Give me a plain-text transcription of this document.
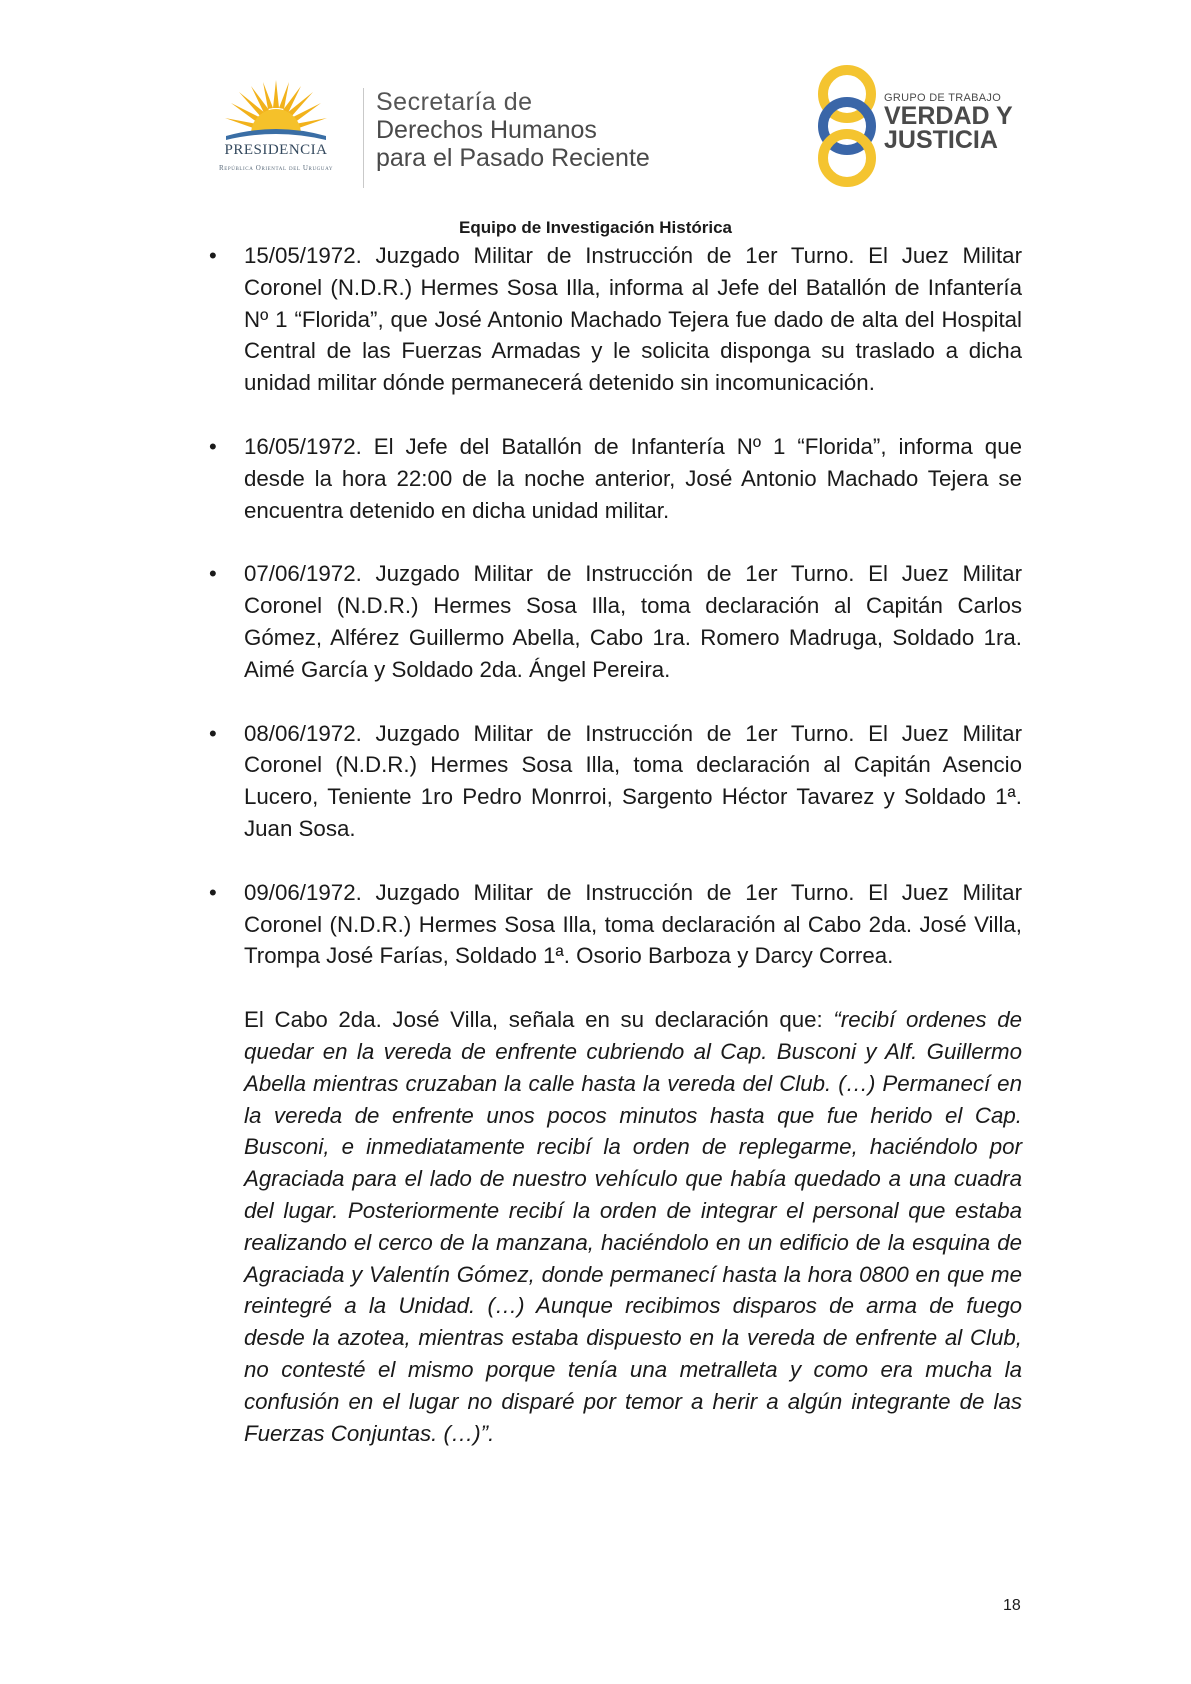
PRESIDENCIA
República Oriental del Uruguay
Secretaría de
Derechos Humanos
para el Pasado Reciente
GRUPO DE TRABAJO
VERDAD Y
JUSTICIA
Equipo de Investigación Histórica
• 15/05/1972. Juzgado Militar de Instrucción de 1er Turno. El Juez Militar Coronel (N.D.R.) Hermes Sosa Illa, informa al Jefe del Batallón de Infantería Nº 1 “Florida”, que José Antonio Machado Tejera fue dado de alta del Hospital Central de las Fuerzas Armadas y le solicita disponga su traslado a dicha unidad militar dónde permanecerá detenido sin incomunicación.

• 16/05/1972. El Jefe del Batallón de Infantería Nº 1 “Florida”, informa que desde la hora 22:00 de la noche anterior, José Antonio Machado Tejera se encuentra detenido en dicha unidad militar.

• 07/06/1972. Juzgado Militar de Instrucción de 1er Turno. El Juez Militar Coronel (N.D.R.) Hermes Sosa Illa, toma declaración al Capitán Carlos Gómez, Alférez Guillermo Abella, Cabo 1ra. Romero Madruga, Soldado 1ra. Aimé García y Soldado 2da. Ángel Pereira.

• 08/06/1972. Juzgado Militar de Instrucción de 1er Turno. El Juez Militar Coronel (N.D.R.) Hermes Sosa Illa, toma declaración al Capitán Asencio Lucero, Teniente 1ro Pedro Monrroi, Sargento Héctor Tavarez y Soldado 1ª. Juan Sosa.

• 09/06/1972. Juzgado Militar de Instrucción de 1er Turno. El Juez Militar Coronel (N.D.R.) Hermes Sosa Illa, toma declaración al Cabo 2da. José Villa, Trompa José Farías, Soldado 1ª. Osorio Barboza y Darcy Correa.

El Cabo 2da. José Villa, señala en su declaración que: “recibí ordenes de quedar en la vereda de enfrente cubriendo al Cap. Busconi y Alf. Guillermo Abella mientras cruzaban la calle hasta la vereda del Club. (…) Permanecí en la vereda de enfrente unos pocos minutos hasta que fue herido el Cap. Busconi, e inmediatamente recibí la orden de replegarme, haciéndolo por Agraciada para el lado de nuestro vehículo que había quedado a una cuadra del lugar. Posteriormente recibí la orden de integrar el personal que estaba realizando el cerco de la manzana, haciéndolo en un edificio de la esquina de Agraciada y Valentín Gómez, donde permanecí hasta la hora 0800 en que me reintegré a la Unidad. (…) Aunque recibimos disparos de arma de fuego desde la azotea, mientras estaba dispuesto en la vereda de enfrente al Club, no contesté el mismo porque tenía una metralleta y como era mucha la confusión en el lugar no disparé por temor a herir a algún integrante de las Fuerzas Conjuntas. (…)”.

18
